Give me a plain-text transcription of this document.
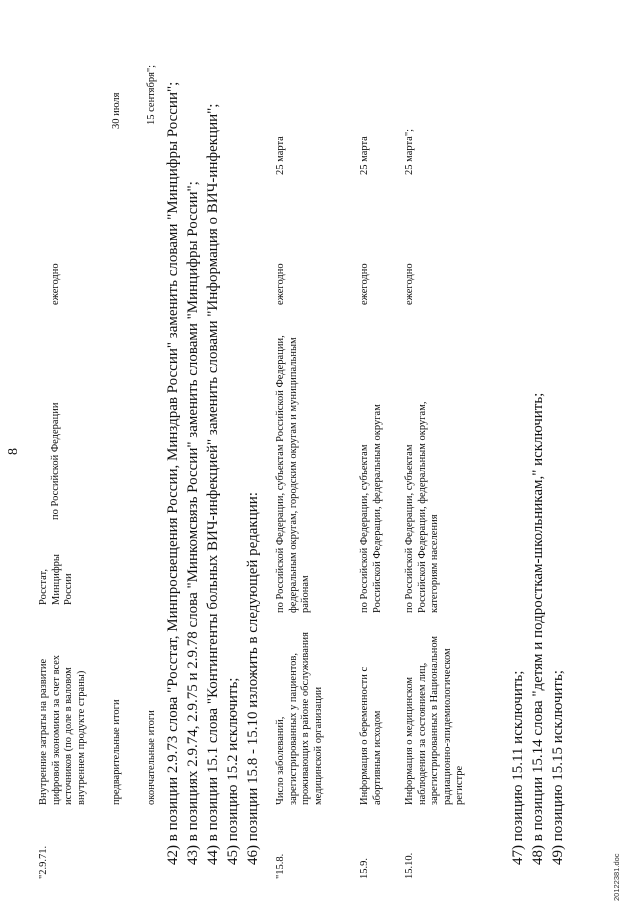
8
"2.9.71.
Внутренние затраты на развитие цифровой экономики за счет всех источников (по доле в валовом внутреннем продукте страны)
Росстат, Минцифры России
по Российской Федерации
ежегодно
предварительные итоги
30 июля
окончательные итоги
15 сентября"; 42) в позиции 2.9.73 слова "Росстат, Минпросвещения России, Минздрав России" заменить словами "Минцифры России"; 43) в позициях 2.9.74, 2.9.75 и 2.9.78 слова "Минкомсвязь России" заменить словами "Минцифры России"; 44) в позиции 15.1 слова "Контингенты больных ВИЧ-инфекцией" заменить словами "Информация о ВИЧ-инфекции"; 45) позицию 15.2 исключить; 46) позиции 15.8 - 15.10 изложить в следующей редакции:
"15.8.
Число заболеваний, зарегистрированных у пациентов, проживающих в районе обслуживания медицинской организации
по Российской Федерации, субъектам Российской Федерации, федеральным округам, городским округам и муниципальным районам
ежегодно
25 марта
15.9.
Информация о беременности с абортивным исходом
по Российской Федерации, субъектам Российской Федерации, федеральным округам
ежегодно
25 марта
15.10.
Информация о медицинском наблюдении за состоянием лиц, зарегистрированных в Национальном радиационно-эпидемиологическом регистре
по Российской Федерации, субъектам Российской Федерации, федеральным округам, категориям населения
ежегодно
25 марта";
47) позицию 15.11 исключить; 48) в позиции 15.14 слова "детям и подросткам-школьникам," исключить; 49) позицию 15.15 исключить;
20122381.doc
